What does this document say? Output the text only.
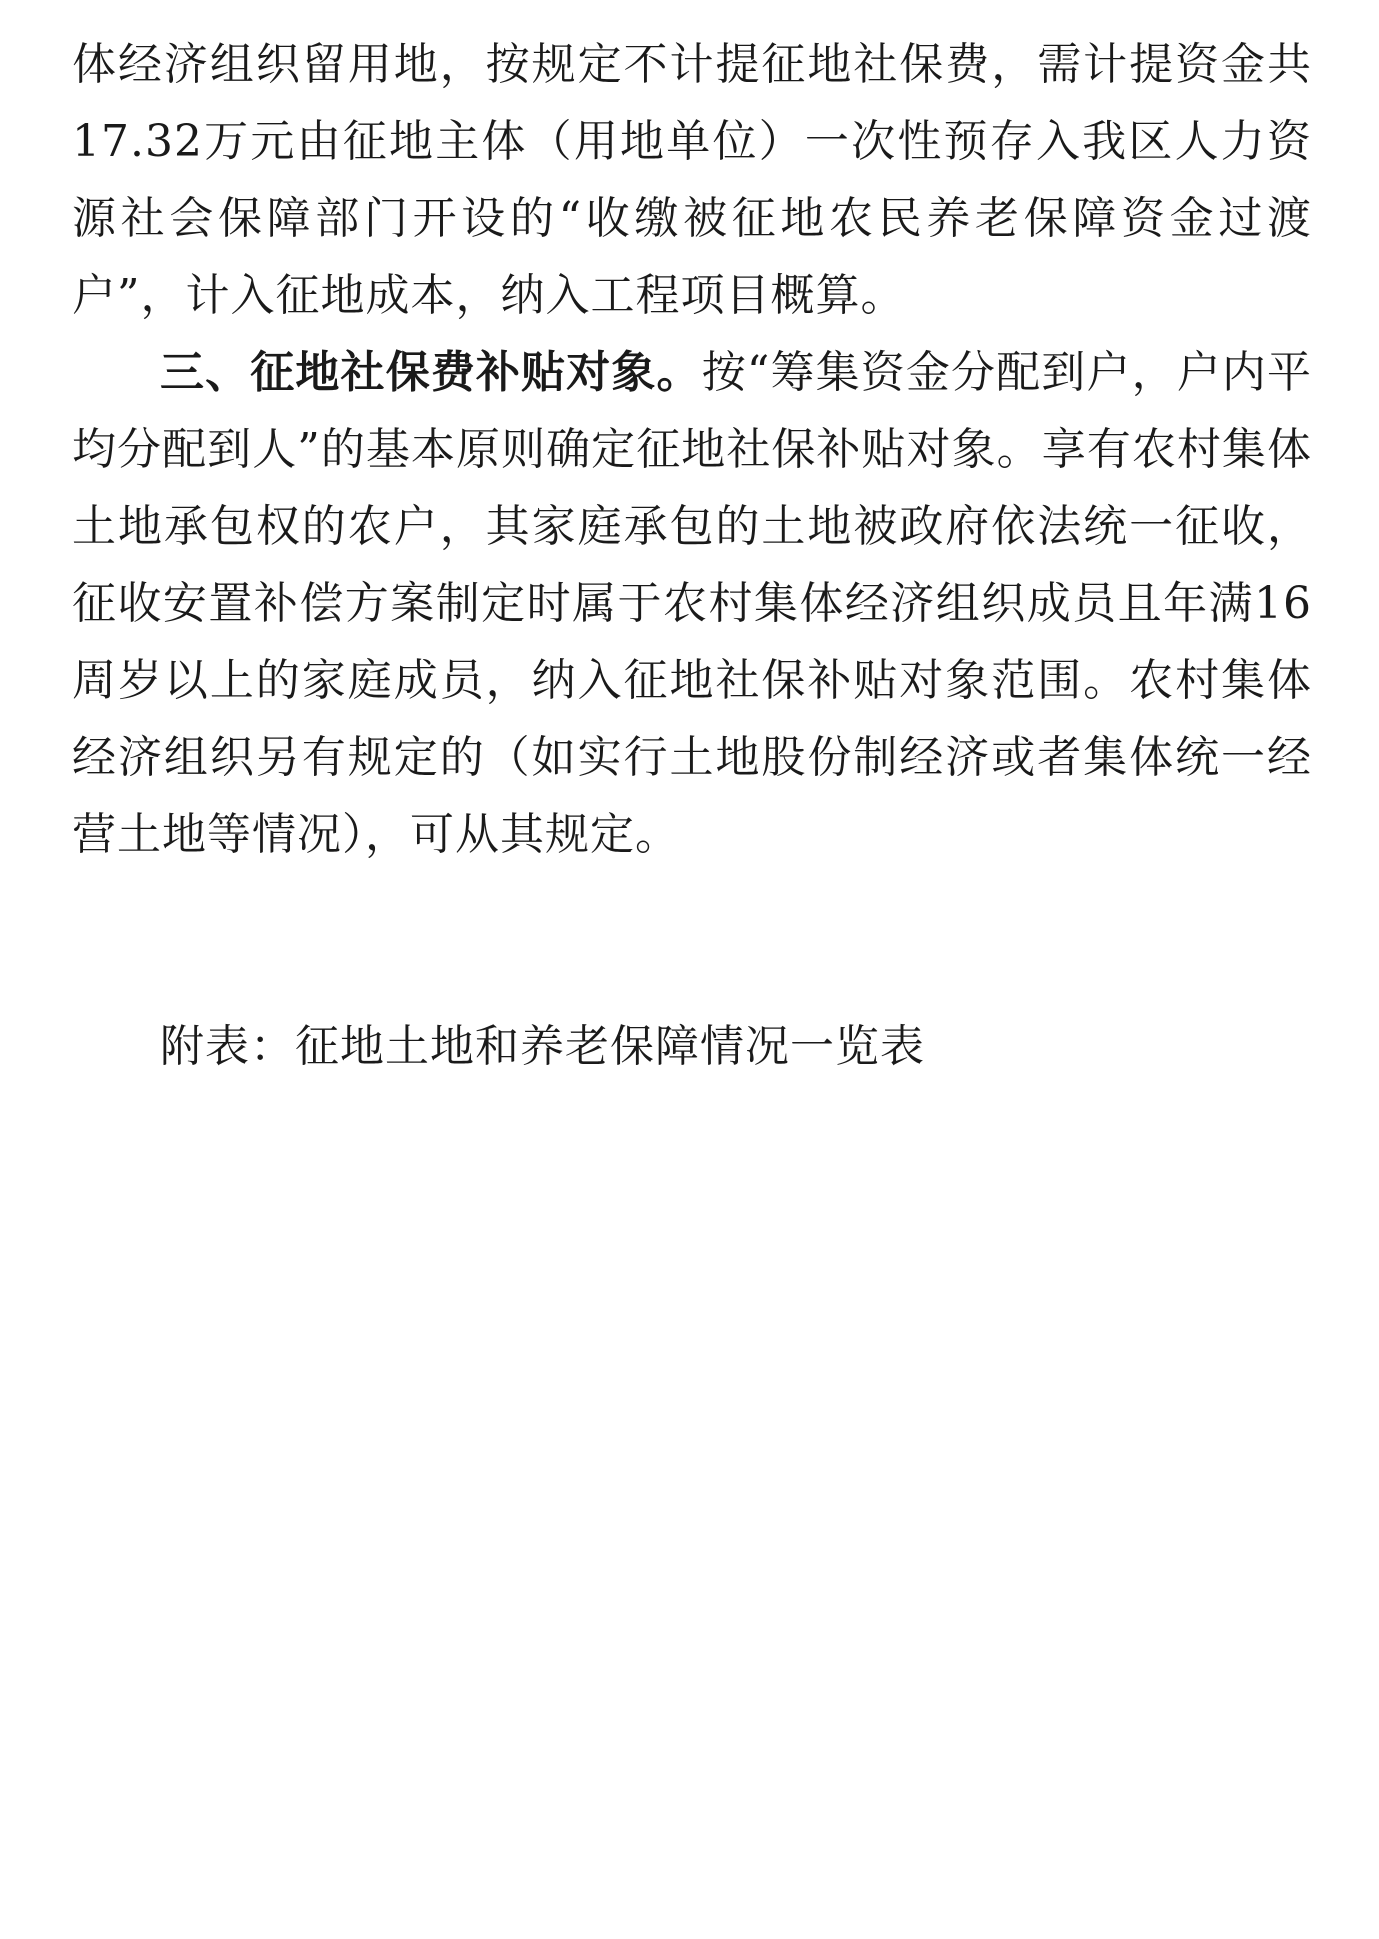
体经济组织留用地，按规定不计提征地社保费，需计提资金共17.32万元由征地主体（用地单位）一次性预存入我区人力资源社会保障部门开设的“收缴被征地农民养老保障资金过渡户”，计入征地成本，纳入工程项目概算。

三、征地社保费补贴对象。按“筹集资金分配到户，户内平均分配到人”的基本原则确定征地社保补贴对象。享有农村集体土地承包权的农户，其家庭承包的土地被政府依法统一征收，征收安置补偿方案制定时属于农村集体经济组织成员且年满16周岁以上的家庭成员，纳入征地社保补贴对象范围。农村集体经济组织另有规定的（如实行土地股份制经济或者集体统一经营土地等情况），可从其规定。

附表：征地土地和养老保障情况一览表
